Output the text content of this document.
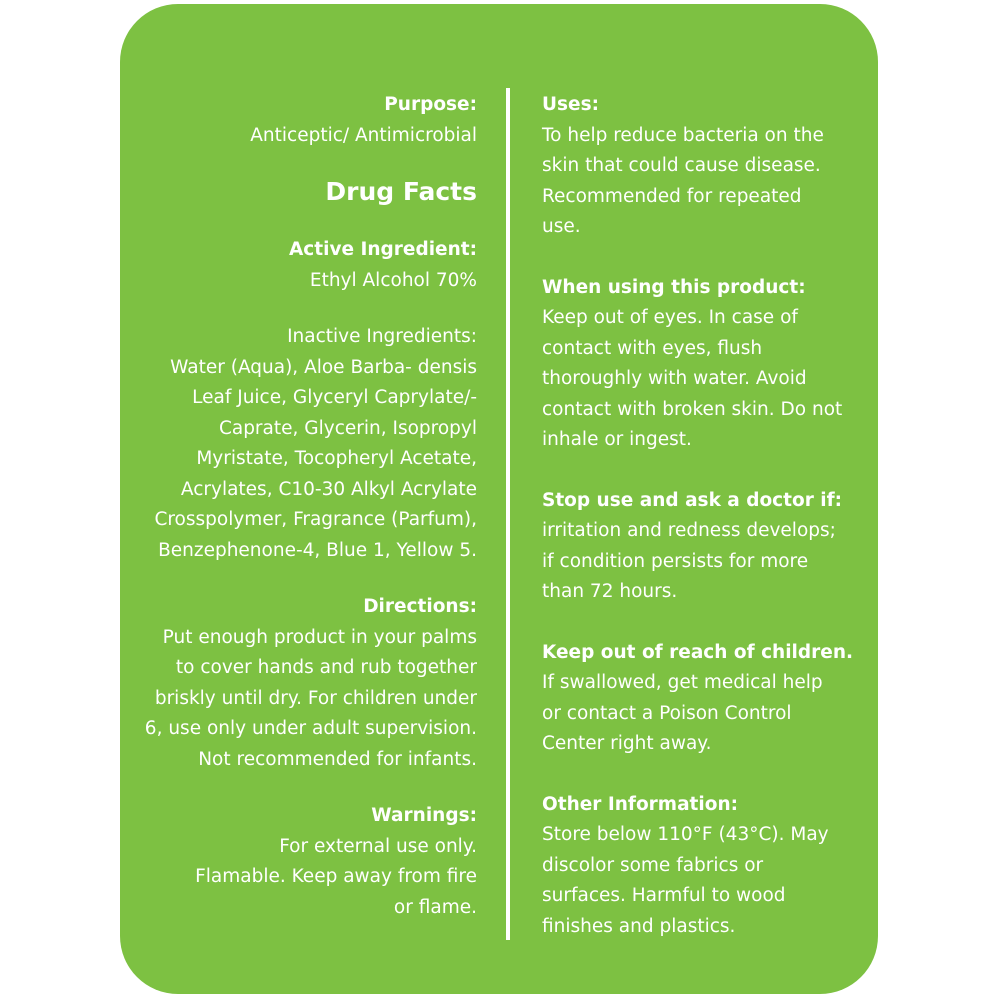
Purpose:
Anticeptic/ Antimicrobial
Drug Facts
Active Ingredient:
Ethyl Alcohol 70%
Inactive Ingredients:
Water (Aqua), Aloe Barba- densis
Leaf Juice, Glyceryl Caprylate/-
Caprate, Glycerin, Isopropyl
Myristate, Tocopheryl Acetate,
Acrylates, C10-30 Alkyl Acrylate
Crosspolymer, Fragrance (Parfum),
Benzephenone-4, Blue 1, Yellow 5.
Directions:
Put enough product in your palms
to cover hands and rub together
briskly until dry. For children under
6, use only under adult supervision.
Not recommended for infants.
Warnings:
For external use only.
Flamable. Keep away from fire
or flame.
Uses:
To help reduce bacteria on the
skin that could cause disease.
Recommended for repeated
use.
When using this product:
Keep out of eyes. In case of
contact with eyes, flush
thoroughly with water. Avoid
contact with broken skin. Do not
inhale or ingest.
Stop use and ask a doctor if:
irritation and redness develops;
if condition persists for more
than 72 hours.
Keep out of reach of children.
If swallowed, get medical help
or contact a Poison Control
Center right away.
Other Information:
Store below 110°F (43°C). May
discolor some fabrics or
surfaces. Harmful to wood
finishes and plastics.
